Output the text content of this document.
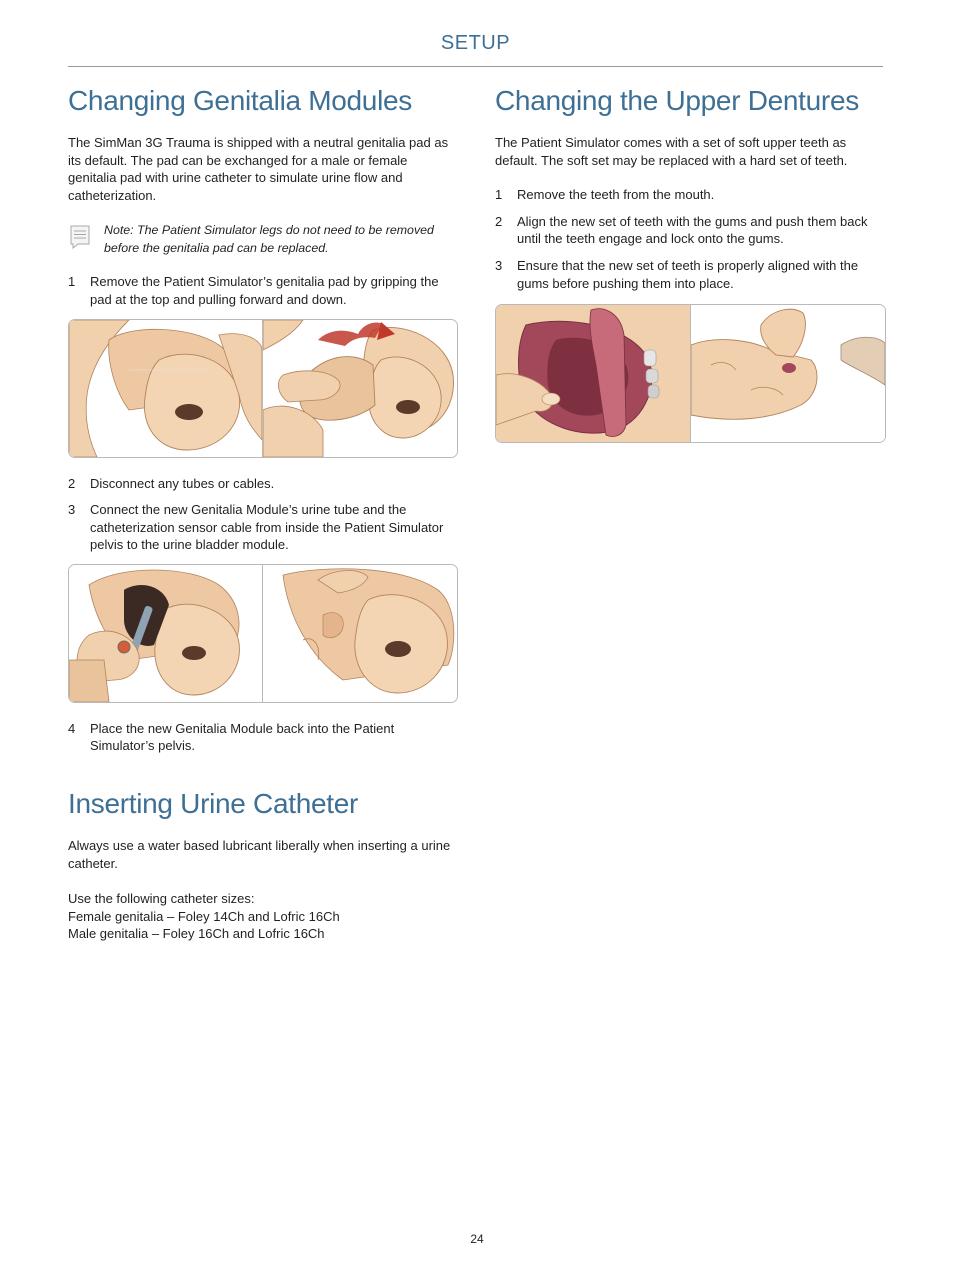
SETUP
Changing Genitalia Modules

The SimMan 3G Trauma is shipped with a neutral genitalia pad as its default. The pad can be exchanged for a male or female genitalia pad with urine catheter to simulate urine flow and catheterization.

Note: The Patient Simulator legs do not need to be removed before the genitalia pad can be replaced.
1 Remove the Patient Simulator’s genitalia pad by gripping the pad at the top and pulling forward and down.
2 Disconnect any tubes or cables.
3 Connect the new Genitalia Module’s urine tube and the catheterization sensor cable from inside the Patient Simulator pelvis to the urine bladder module.
4 Place the new Genitalia Module back into the Patient Simulator’s pelvis.
Inserting Urine Catheter

Always use a water based lubricant liberally when inserting a urine catheter.

Use the following catheter sizes:

Female genitalia – Foley 14Ch and Lofric 16Ch

Male genitalia – Foley 16Ch and Lofric 16Ch

Changing the Upper Dentures

The Patient Simulator comes with a set of soft upper teeth as default. The soft set may be replaced with a hard set of teeth.

1 Remove the teeth from the mouth.
2 Align the new set of teeth with the gums and push them back until the teeth engage and lock onto the gums.
3 Ensure that the new set of teeth is properly aligned with the gums before pushing them into place.
24
